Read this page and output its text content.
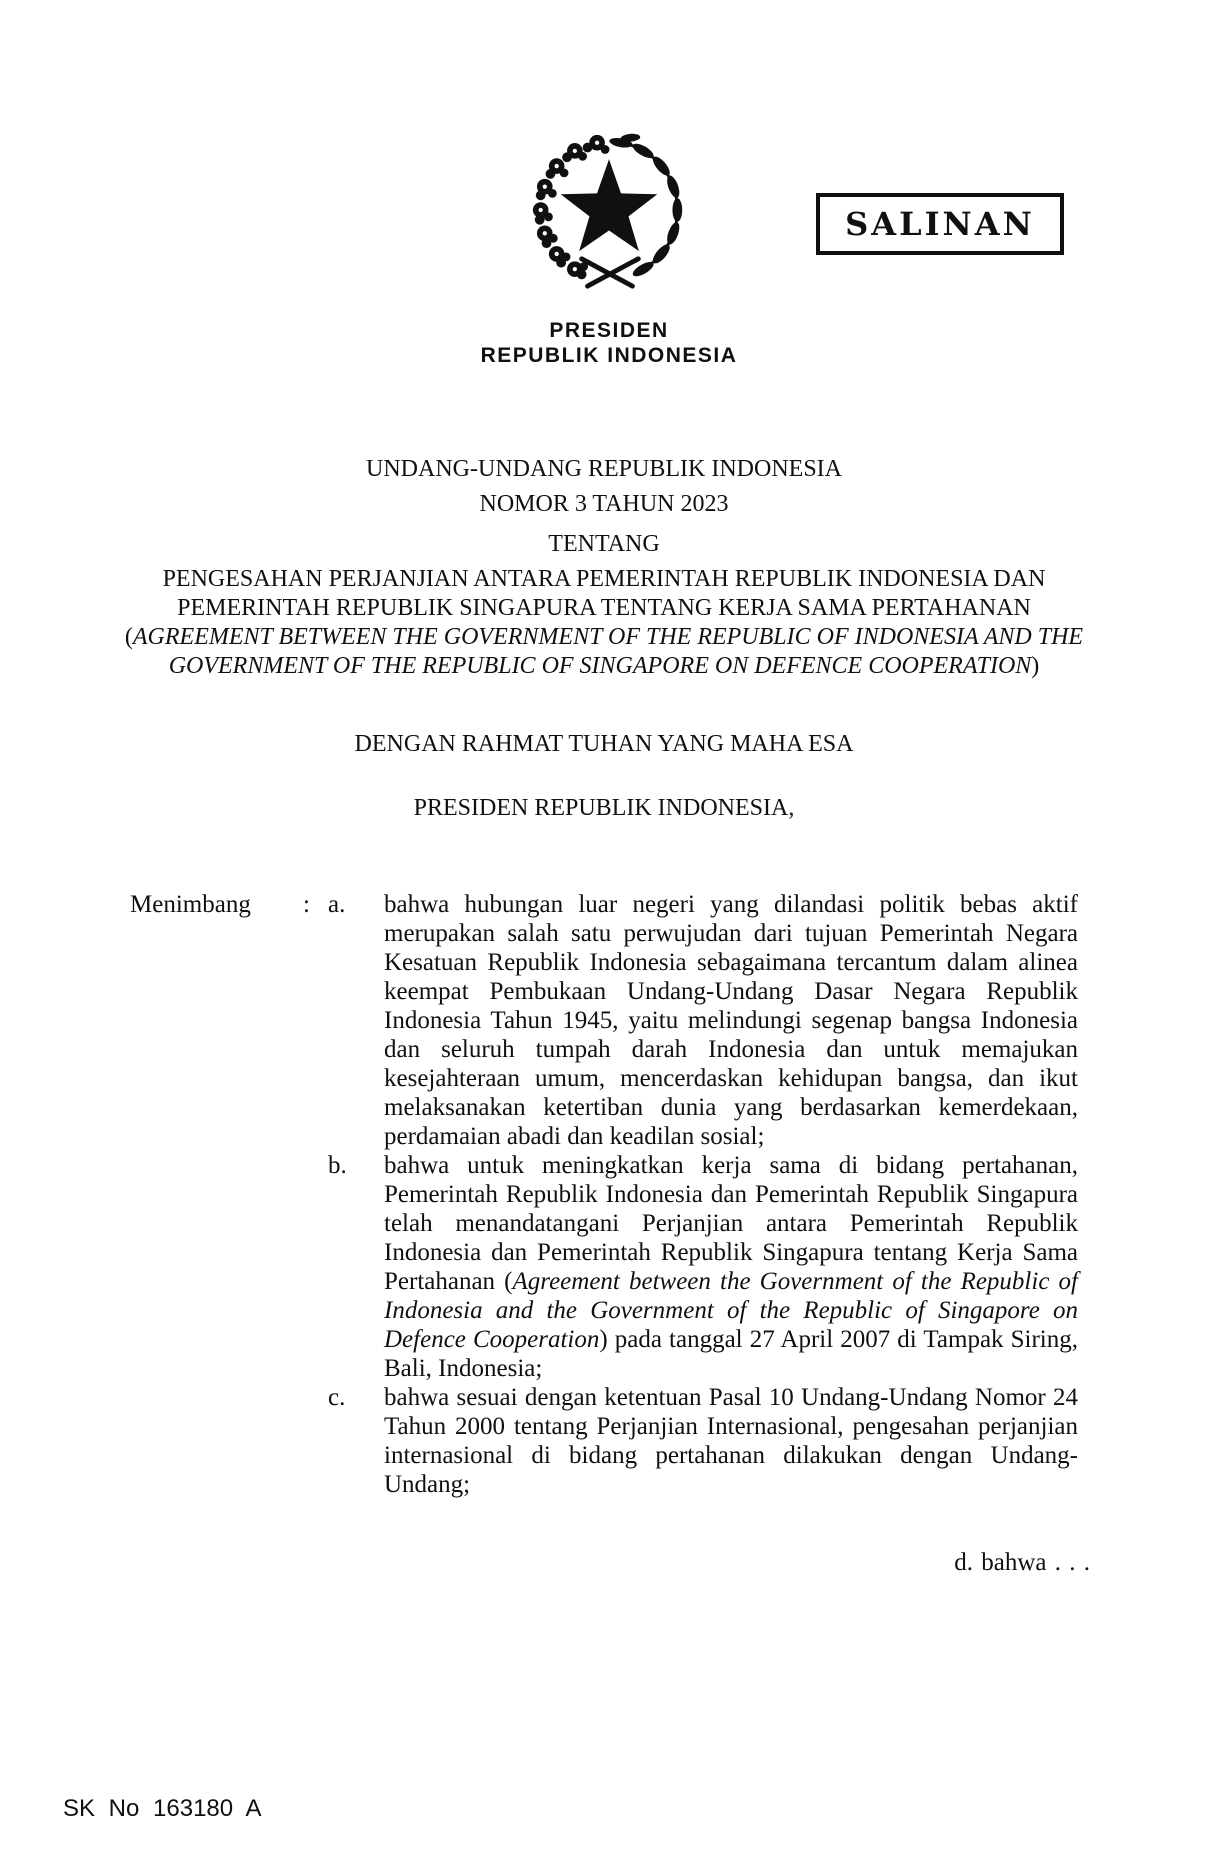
SALINAN
PRESIDEN
REPUBLIK INDONESIA
UNDANG-UNDANG REPUBLIK INDONESIA
NOMOR 3 TAHUN 2023
TENTANG
PENGESAHAN PERJANJIAN ANTARA PEMERINTAH REPUBLIK INDONESIA DAN PEMERINTAH REPUBLIK SINGAPURA TENTANG KERJA SAMA PERTAHANAN (AGREEMENT BETWEEN THE GOVERNMENT OF THE REPUBLIC OF INDONESIA AND THE GOVERNMENT OF THE REPUBLIC OF SINGAPORE ON DEFENCE COOPERATION)
DENGAN RAHMAT TUHAN YANG MAHA ESA
PRESIDEN REPUBLIK INDONESIA,
Menimbang	: a.	bahwa hubungan luar negeri yang dilandasi politik bebas aktif merupakan salah satu perwujudan dari tujuan Pemerintah Negara Kesatuan Republik Indonesia sebagaimana tercantum dalam alinea keempat Pembukaan Undang-Undang Dasar Negara Republik Indonesia Tahun 1945, yaitu melindungi segenap bangsa Indonesia dan seluruh tumpah darah Indonesia dan untuk memajukan kesejahteraan umum, mencerdaskan kehidupan bangsa, dan ikut melaksanakan ketertiban dunia yang berdasarkan kemerdekaan, perdamaian abadi dan keadilan sosial;
b.	bahwa untuk meningkatkan kerja sama di bidang pertahanan, Pemerintah Republik Indonesia dan Pemerintah Republik Singapura telah menandatangani Perjanjian antara Pemerintah Republik Indonesia dan Pemerintah Republik Singapura tentang Kerja Sama Pertahanan (Agreement between the Government of the Republic of Indonesia and the Government of the Republic of Singapore on Defence Cooperation) pada tanggal 27 April 2007 di Tampak Siring, Bali, Indonesia;
c.	bahwa sesuai dengan ketentuan Pasal 10 Undang-Undang Nomor 24 Tahun 2000 tentang Perjanjian Internasional, pengesahan perjanjian internasional di bidang pertahanan dilakukan dengan Undang-Undang;
d. bahwa . . .
SK No 163180 A
